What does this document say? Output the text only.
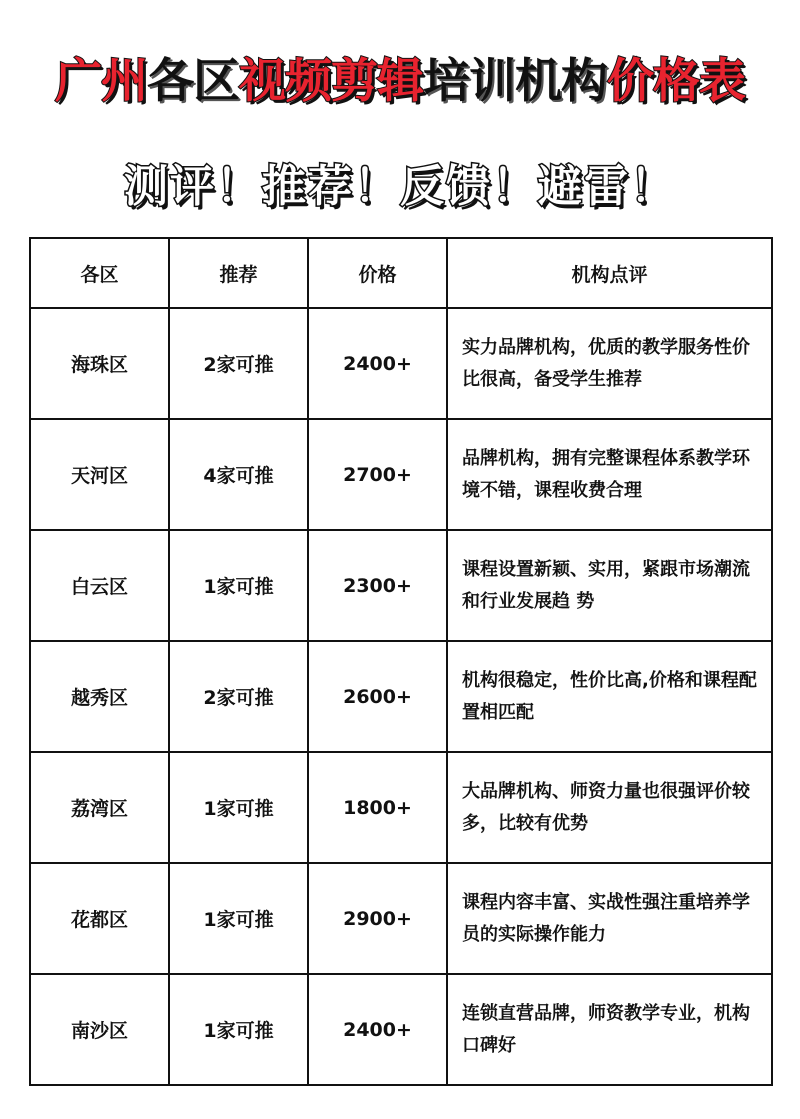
广州各区视频剪辑培训机构价格表
测评！推荐！反馈！避雷！
各区	推荐	价格	机构点评
海珠区	2家可推	2400+	实力品牌机构，优质的教学服务性价比很高，备受学生推荐
天河区	4家可推	2700+	品牌机构，拥有完整课程体系教学环境不错，课程收费合理
白云区	1家可推	2300+	课程设置新颖、实用，紧跟市场潮流和行业发展趋 势
越秀区	2家可推	2600+	机构很稳定，性价比高,价格和课程配置相匹配
荔湾区	1家可推	1800+	大品牌机构、师资力量也很强评价较多，比较有优势
花都区	1家可推	2900+	课程内容丰富、实战性强注重培养学员的实际操作能力
南沙区	1家可推	2400+	连锁直营品牌，师资教学专业，机构口碑好
